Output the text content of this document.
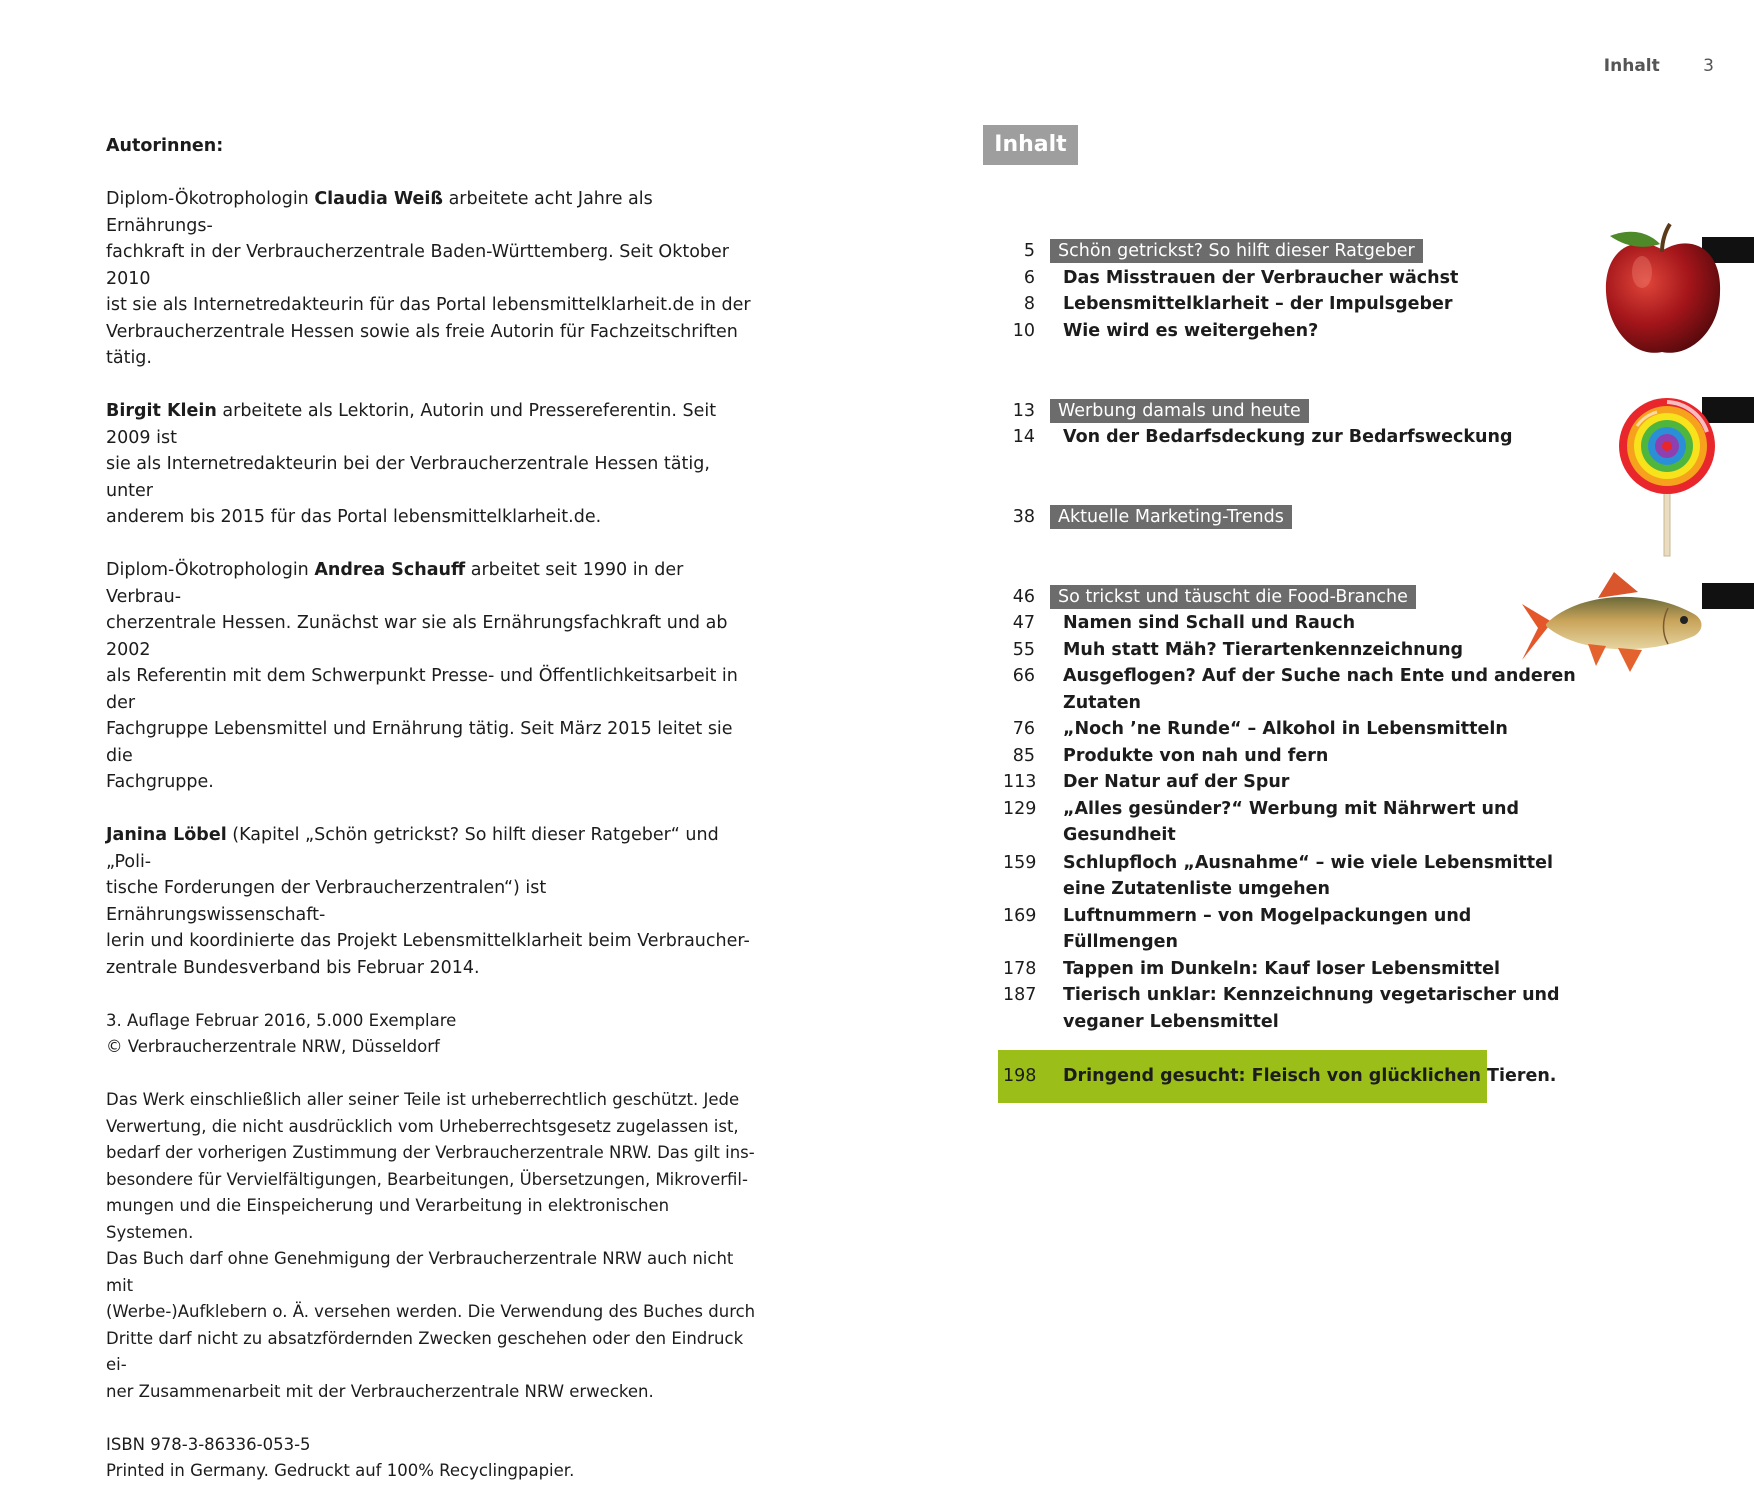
Inhalt	3

Autorinnen:

Diplom-Ökotrophologin Claudia Weiß arbeitete acht Jahre als Ernährungs-
fachkraft in der Verbraucherzentrale Baden-Württemberg. Seit Oktober 2010
ist sie als Internetredakteurin für das Portal lebensmittelklarheit.de in der
Verbraucherzentrale Hessen sowie als freie Autorin für Fachzeitschriften tätig.

Birgit Klein arbeitete als Lektorin, Autorin und Pressereferentin. Seit 2009 ist
sie als Internetredakteurin bei der Verbraucherzentrale Hessen tätig, unter
anderem bis 2015 für das Portal lebensmittelklarheit.de.

Diplom-Ökotrophologin Andrea Schauff arbeitet seit 1990 in der Verbrau-
cherzentrale Hessen. Zunächst war sie als Ernährungsfachkraft und ab 2002
als Referentin mit dem Schwerpunkt Presse- und Öffentlichkeitsarbeit in der
Fachgruppe Lebensmittel und Ernährung tätig. Seit März 2015 leitet sie die
Fachgruppe.

Janina Löbel (Kapitel „Schön getrickst? So hilft dieser Ratgeber“ und „Poli-
tische Forderungen der Verbraucherzentralen“) ist Ernährungswissenschaft-
lerin und koordinierte das Projekt Lebensmittelklarheit beim Verbraucher-
zentrale Bundesverband bis Februar 2014.

3. Auflage Februar 2016, 5.000 Exemplare
© Verbraucherzentrale NRW, Düsseldorf

Das Werk einschließlich aller seiner Teile ist urheberrechtlich geschützt. Jede
Verwertung, die nicht ausdrücklich vom Urheberrechtsgesetz zugelassen ist,
bedarf der vorherigen Zustimmung der Verbraucherzentrale NRW. Das gilt ins-
besondere für Vervielfältigungen, Bearbeitungen, Übersetzungen, Mikroverfil-
mungen und die Einspeicherung und Verarbeitung in elektronischen Systemen.
Das Buch darf ohne Genehmigung der Verbraucherzentrale NRW auch nicht mit
(Werbe-)Aufklebern o. Ä. versehen werden. Die Verwendung des Buches durch
Dritte darf nicht zu absatzfördernden Zwecken geschehen oder den Eindruck ei-
ner Zusammenarbeit mit der Verbraucherzentrale NRW erwecken.

ISBN 978-3-86336-053-5
Printed in Germany. Gedruckt auf 100% Recyclingpapier.

Inhalt
5	Schön getrickst? So hilft dieser Ratgeber
6 Das Misstrauen der Verbraucher wächst
8 Lebensmittelklarheit – der Impulsgeber
10 Wie wird es weitergehen?
13	Werbung damals und heute
14 Von der Bedarfsdeckung zur Bedarfsweckung
38	Aktuelle Marketing-Trends
46	So trickst und täuscht die Food-Branche
47 Namen sind Schall und Rauch
55 Muh statt Mäh? Tierartenkennzeichnung
66 Ausgeflogen? Auf der Suche nach Ente und anderen
Zutaten
76 „Noch ’ne Runde“ – Alkohol in Lebensmitteln
85 Produkte von nah und fern
113 Der Natur auf der Spur
129 „Alles gesünder?“ Werbung mit Nährwert und
Gesundheit
159 Schlupfloch „Ausnahme“ – wie viele Lebensmittel
eine Zutatenliste umgehen
169 Luftnummern – von Mogelpackungen und
Füllmengen
178 Tappen im Dunkeln: Kauf loser Lebensmittel
187 Tierisch unklar: Kennzeichnung vegetarischer und
veganer Lebensmittel
198 Dringend gesucht: Fleisch von glücklichen Tieren.
